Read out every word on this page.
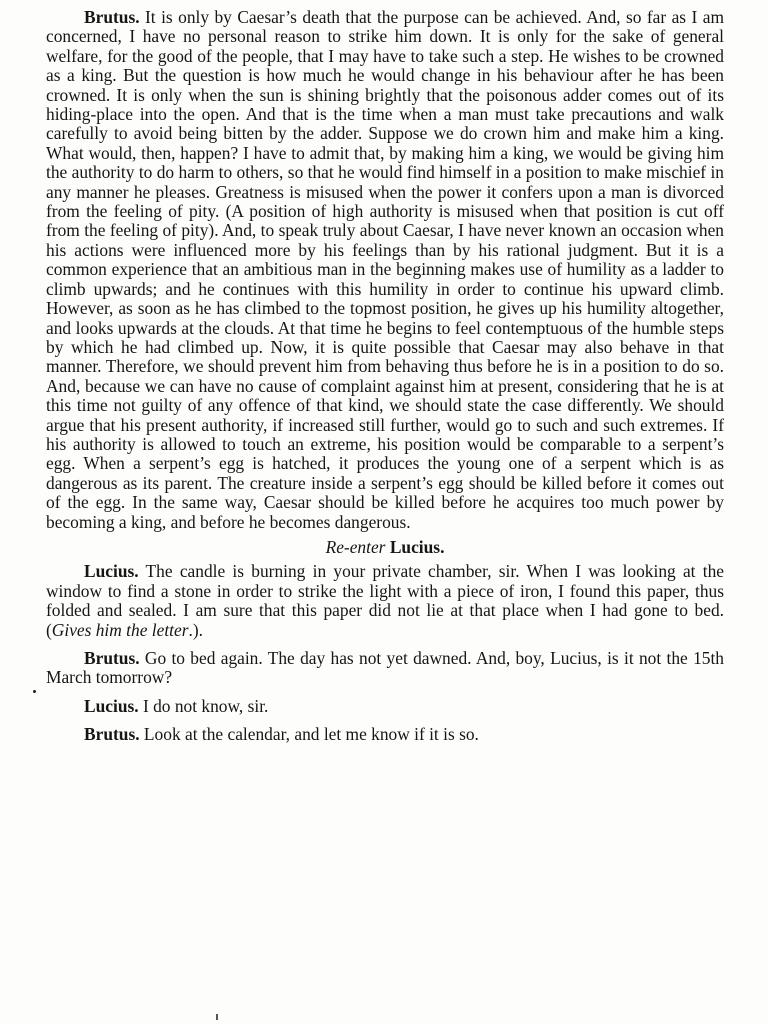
Brutus. It is only by Caesar’s death that the purpose can be achieved. And, so far as I am concerned, I have no personal reason to strike him down. It is only for the sake of general welfare, for the good of the people, that I may have to take such a step. He wishes to be crowned as a king. But the question is how much he would change in his behaviour after he has been crowned. It is only when the sun is shining brightly that the poisonous adder comes out of its hiding-place into the open. And that is the time when a man must take precautions and walk carefully to avoid being bitten by the adder. Suppose we do crown him and make him a king. What would, then, happen? I have to admit that, by making him a king, we would be giving him the authority to do harm to others, so that he would find himself in a position to make mischief in any manner he pleases. Greatness is misused when the power it confers upon a man is divorced from the feeling of pity. (A position of high authority is misused when that position is cut off from the feeling of pity). And, to speak truly about Caesar, I have never known an occasion when his actions were influenced more by his feelings than by his rational judgment. But it is a common experience that an ambitious man in the beginning makes use of humility as a ladder to climb upwards; and he continues with this humility in order to continue his upward climb. However, as soon as he has climbed to the topmost position, he gives up his humility altogether, and looks upwards at the clouds. At that time he begins to feel contemptuous of the humble steps by which he had climbed up. Now, it is quite possible that Caesar may also behave in that manner. Therefore, we should prevent him from behaving thus before he is in a position to do so. And, because we can have no cause of complaint against him at present, considering that he is at this time not guilty of any offence of that kind, we should state the case differently. We should argue that his present authority, if increased still further, would go to such and such extremes. If his authority is allowed to touch an extreme, his position would be comparable to a serpent’s egg. When a serpent’s egg is hatched, it produces the young one of a serpent which is as dangerous as its parent. The creature inside a serpent’s egg should be killed before it comes out of the egg. In the same way, Caesar should be killed before he acquires too much power by becoming a king, and before he becomes dangerous.

Re-enter Lucius.

Lucius. The candle is burning in your private chamber, sir. When I was looking at the window to find a stone in order to strike the light with a piece of iron, I found this paper, thus folded and sealed. I am sure that this paper did not lie at that place when I had gone to bed. (Gives him the letter.).

Brutus. Go to bed again. The day has not yet dawned. And, boy, Lucius, is it not the 15th March tomorrow?

Lucius. I do not know, sir.

Brutus. Look at the calendar, and let me know if it is so.
